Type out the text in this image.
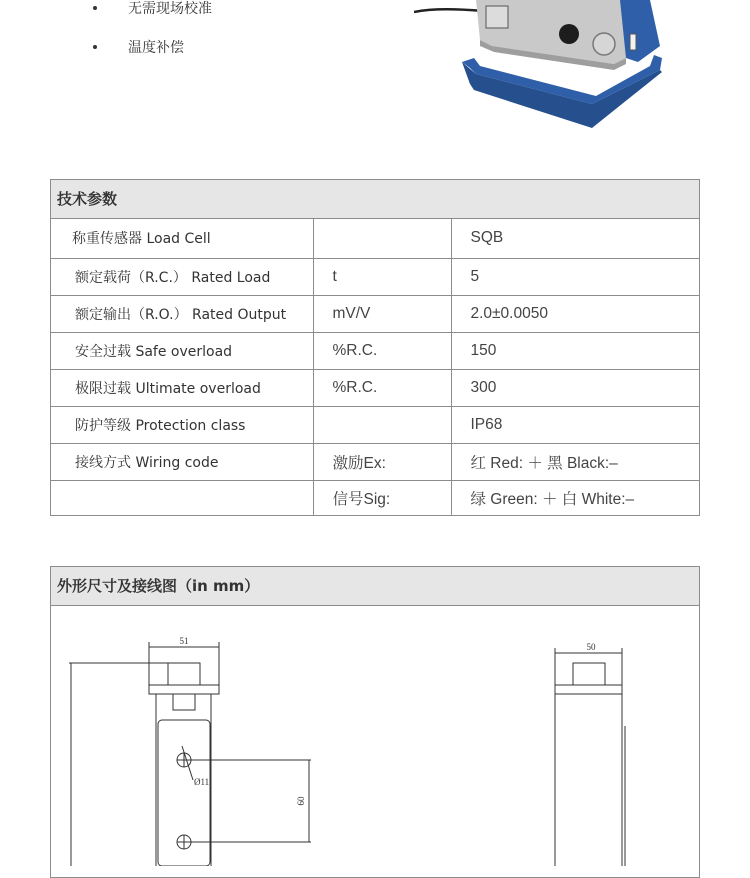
无需现场校准
温度补偿
技术参数
称重传感器 Load Cell		SQB
额定载荷（R.C.） Rated Load	t	5
额定输出（R.O.） Rated Output	mV/V	2.0±0.0050
安全过载 Safe overload	%R.C.	150
极限过载 Ultimate overload	%R.C.	300
防护等级 Protection class		IP68
接线方式 Wiring code	激励Ex:	红 Red: ＋ 黑 Black:–
	信号Sig:	绿 Green: ＋ 白 White:–
外形尺寸及接线图（in mm）
51
Ø11
60
50
